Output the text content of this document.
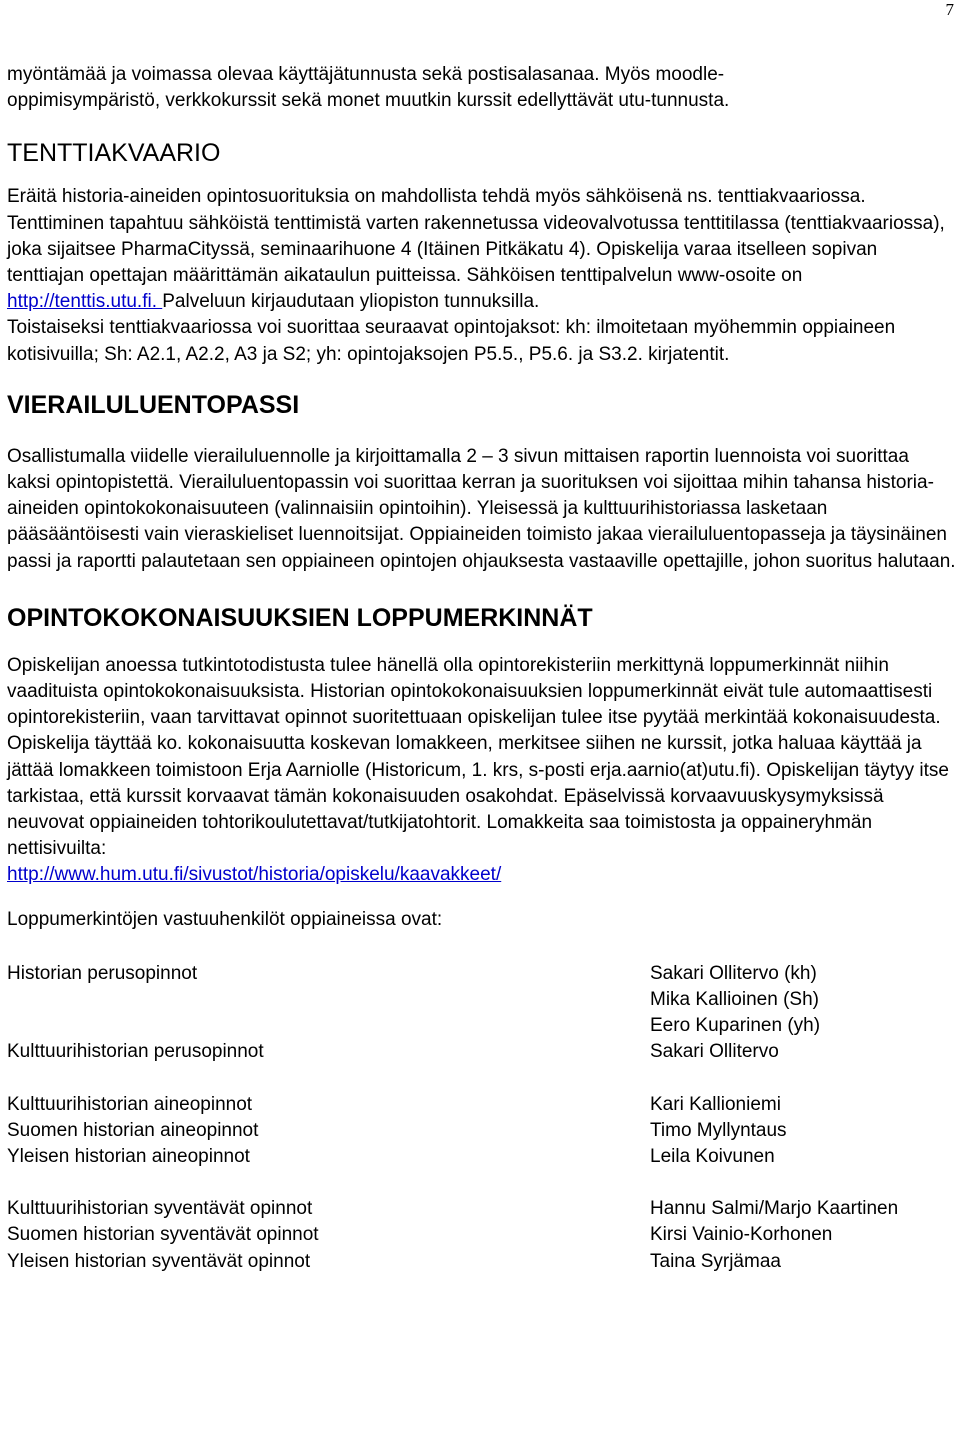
7

myöntämää ja voimassa olevaa käyttäjätunnusta sekä postisalasanaa. Myös moodle-
oppimisympäristö, verkkokurssit sekä monet muutkin kurssit edellyttävät utu-tunnusta.

TENTTIAKVAARIO

Eräitä historia-aineiden opintosuorituksia on mahdollista tehdä myös sähköisenä ns. tenttiakvaariossa. Tenttiminen tapahtuu sähköistä tenttimistä varten rakennetussa videovalvotussa tenttitilassa (tenttiakvaariossa), joka sijaitsee PharmaCityssä, seminaarihuone 4 (Itäinen Pitkäkatu 4). Opiskelija varaa itselleen sopivan tenttiajan opettajan määrittämän aikataulun puitteissa. Sähköisen tenttipalvelun www-osoite on http://tenttis.utu.fi. Palveluun kirjaudutaan yliopiston tunnuksilla.

Toistaiseksi tenttiakvaariossa voi suorittaa seuraavat opintojaksot: kh: ilmoitetaan myöhemmin oppiaineen kotisivuilla; Sh: A2.1, A2.2, A3 ja S2; yh: opintojaksojen P5.5., P5.6. ja S3.2. kirjatentit.

VIERAILULUENTOPASSI

Osallistumalla viidelle vierailuluennolle ja kirjoittamalla 2 – 3 sivun mittaisen raportin luennoista voi suorittaa kaksi opintopistettä. Vierailuluentopassin voi suorittaa kerran ja suorituksen voi sijoittaa mihin tahansa historia-aineiden opintokokonaisuuteen (valinnaisiin opintoihin). Yleisessä ja kulttuurihistoriassa lasketaan pääsääntöisesti vain vieraskieliset luennoitsijat. Oppiaineiden toimisto jakaa vierailuluentopasseja ja täysinäinen passi ja raportti palautetaan sen oppiaineen opintojen ohjauksesta vastaaville opettajille, johon suoritus halutaan.

OPINTOKOKONAISUUKSIEN LOPPUMERKINNÄT

Opiskelijan anoessa tutkintotodistusta tulee hänellä olla opintorekisteriin merkittynä loppumerkinnät niihin vaadituista opintokokonaisuuksista. Historian opintokokonaisuuksien loppumerkinnät eivät tule automaattisesti opintorekisteriin, vaan tarvittavat opinnot suoritettuaan opiskelijan tulee itse pyytää merkintää kokonaisuudesta. Opiskelija täyttää ko. kokonaisuutta koskevan lomakkeen, merkitsee siihen ne kurssit, jotka haluaa käyttää ja jättää lomakkeen toimistoon Erja Aarniolle (Historicum, 1. krs, s-posti erja.aarnio(at)utu.fi). Opiskelijan täytyy itse tarkistaa, että kurssit korvaavat tämän kokonaisuuden osakohdat. Epäselvissä korvaavuuskysymyksissä neuvovat oppiaineiden tohtorikoulutettavat/tutkijatohtorit. Lomakkeita saa toimistosta ja oppaineryhmän nettisivuilta:

http://www.hum.utu.fi/sivustot/historia/opiskelu/kaavakkeet/

Loppumerkintöjen vastuuhenkilöt oppiaineissa ovat:

Historian perusopinnot	Sakari Ollitervo (kh)
Mika Kallioinen (Sh)
Eero Kuparinen (yh)
Kulttuurihistorian perusopinnot	Sakari Ollitervo
Kulttuurihistorian aineopinnot	Kari Kallioniemi
Suomen historian aineopinnot	Timo Myllyntaus
Yleisen historian aineopinnot	Leila Koivunen
Kulttuurihistorian syventävät opinnot	Hannu Salmi/Marjo Kaartinen
Suomen historian syventävät opinnot	Kirsi Vainio-Korhonen
Yleisen historian syventävät opinnot	Taina Syrjämaa
